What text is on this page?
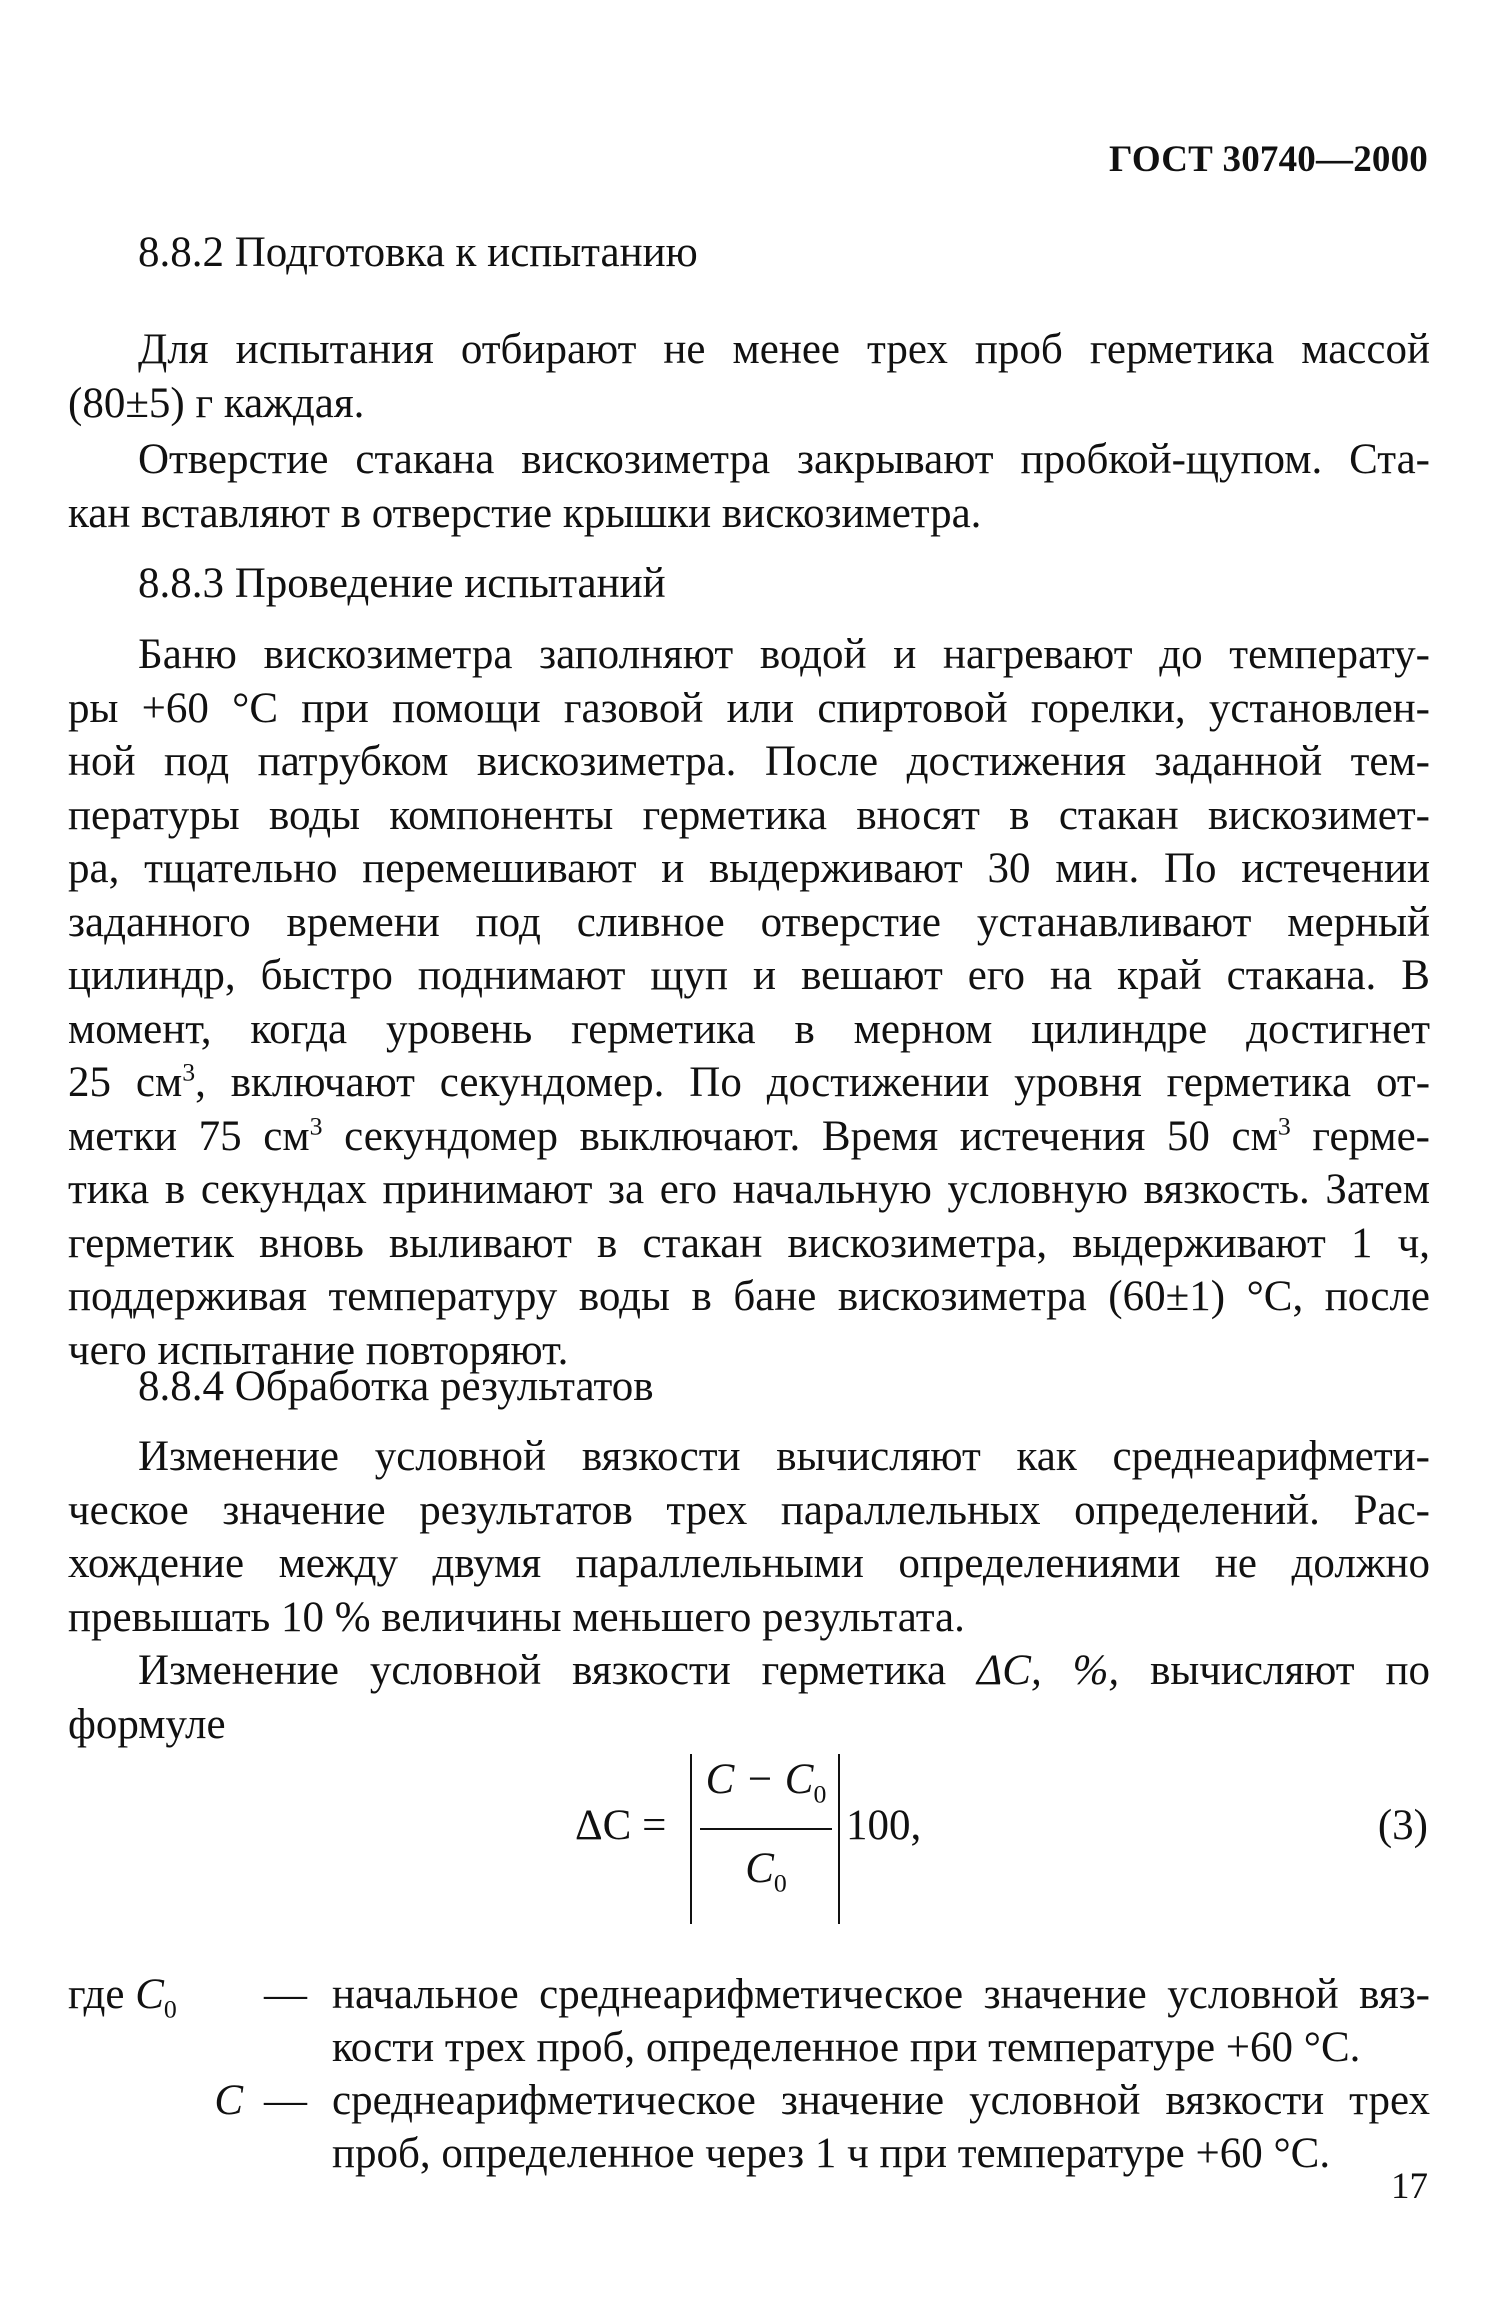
ГОСТ 30740—2000
8.8.2 Подготовка к испытанию
Для испытания отбирают не менее трех проб герметика массой
(80±5) г каждая.
Отверстие стакана вискозиметра закрывают пробкой-щупом. Ста-
кан вставляют в отверстие крышки вискозиметра.
8.8.3 Проведение испытаний
Баню вискозиметра заполняют водой и нагревают до температу-
ры +60 °С при помощи газовой или спиртовой горелки, установлен-
ной под патрубком вискозиметра. После достижения заданной тем-
пературы воды компоненты герметика вносят в стакан вискозимет-
ра, тщательно перемешивают и выдерживают 30 мин. По истечении
заданного времени под сливное отверстие устанавливают мерный
цилиндр, быстро поднимают щуп и вешают его на край стакана. В
момент, когда уровень герметика в мерном цилиндре достигнет
25 $см^3$, включают секундомер. По достижении уровня герметика от-
метки 75 $см^3$ секундомер выключают. Время истечения 50 $см^3$ герме-
тика в секундах принимают за его начальную условную вязкость. Затем
герметик вновь выливают в стакан вискозиметра, выдерживают 1 ч,
поддерживая температуру воды в бане вискозиметра (60±1) °С, после
чего испытание повторяют.
8.8.4 Обработка результатов
Изменение условной вязкости вычисляют как среднеарифмети-
ческое значение результатов трех параллельных определений. Рас-
хождение между двумя параллельными определениями не должно
превышать 10 % величины меньшего результата.
Изменение условной вязкости герметика ΔС, %, вычисляют по
формуле
ΔС =
$С - С_0$
$С_0$
100,	(3)
где $С_0$	— начальное среднеарифметическое значение условной вяз-
кости трех проб, определенное при температуре +60 °С.
С — среднеарифметическое значение условной вязкости трех
проб, определенное через 1 ч при температуре +60 °С.
17
